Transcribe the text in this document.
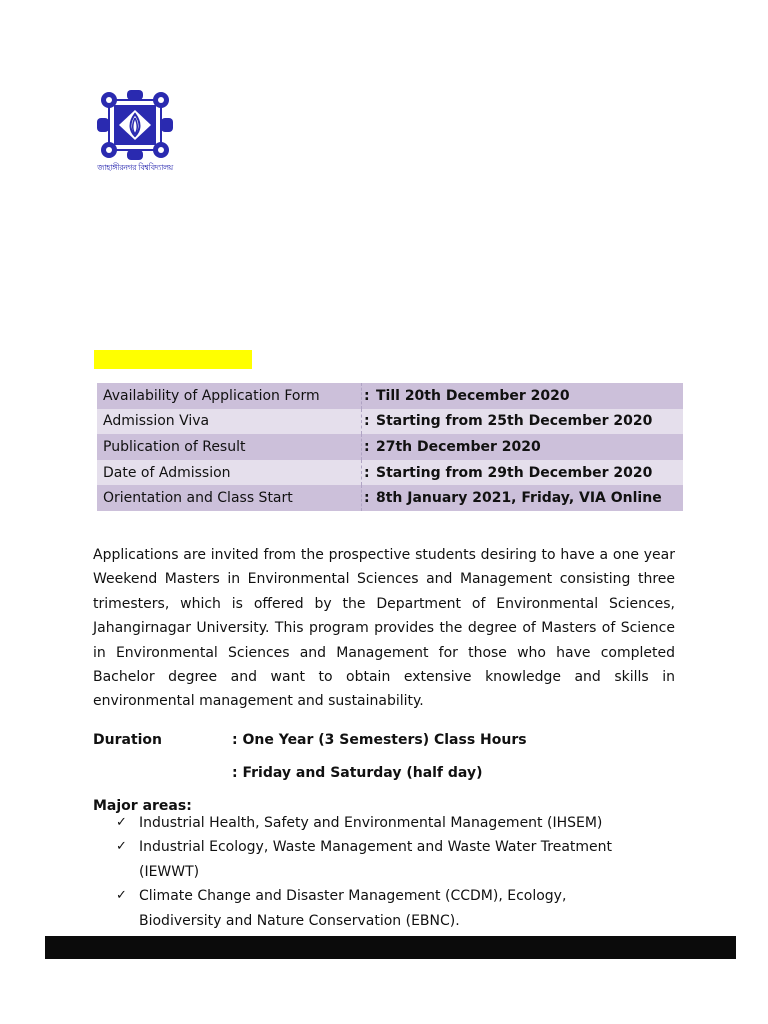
জাহাঙ্গীরনগর বিশ্ববিদ্যালয়
Availability of Application Form	:	Till 20th December 2020
Admission Viva	:	Starting from 25th December 2020
Publication of Result	:	27th December 2020
Date of Admission	:	Starting from 29th December 2020
Orientation and Class Start	:	8th January 2021, Friday, VIA Online

Applications are invited from the prospective students desiring to have a one year Weekend Masters in Environmental Sciences and Management consisting three trimesters, which is offered by the Department of Environmental Sciences, Jahangirnagar University. This program provides the degree of Masters of Science in Environmental Sciences and Management for those who have completed Bachelor degree and want to obtain extensive knowledge and skills in environmental management and sustainability.

Duration	: One Year (3 Semesters) Class Hours
: Friday and Saturday (half day)
Major areas:
✓ Industrial Health, Safety and Environmental Management (IHSEM)
✓ Industrial Ecology, Waste Management and Waste Water Treatment (IEWWT)
✓ Climate Change and Disaster Management (CCDM), Ecology, Biodiversity and Nature Conservation (EBNC).
